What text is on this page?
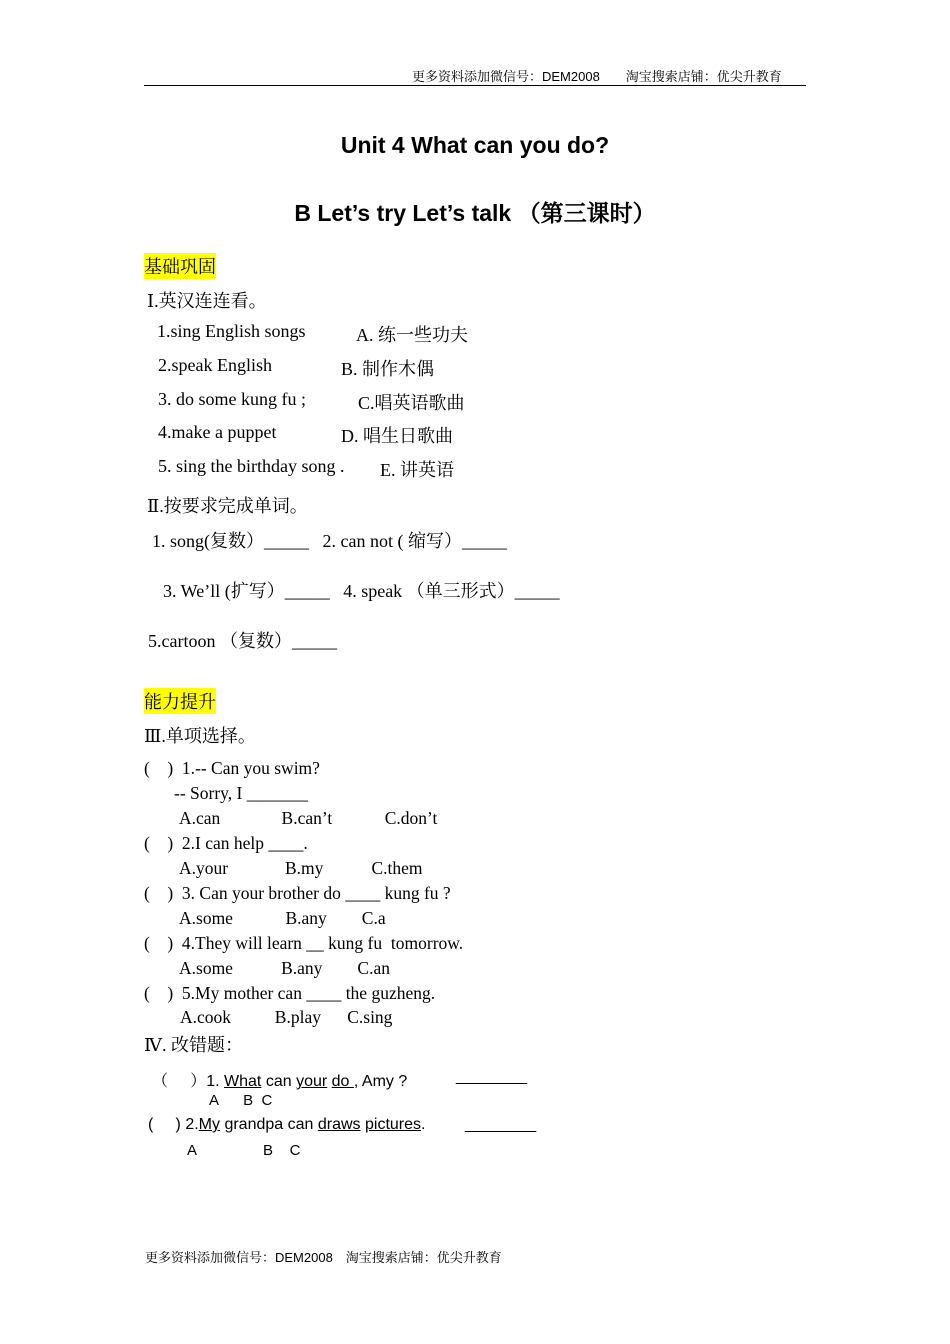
更多资料添加微信号：DEM2008　　淘宝搜索店铺：优尖升教育
Unit 4 What can you do?
B Let’s try Let’s talk （第三课时）
基础巩固
Ⅰ.英汉连连看。
1.sing English songs	A. 练一些功夫
2.speak English	B. 制作木偶
3. do some kung fu ;	C.唱英语歌曲
4.make a puppet	D. 唱生日歌曲
5. sing the birthday song . E. 讲英语
Ⅱ.按要求完成单词。
1. song(复数）_____   2. can not ( 缩写）_____
3. We’ll (扩写）_____   4. speak （单三形式）_____
5.cartoon （复数）_____
能力提升
Ⅲ.单项选择。
(    )  1.-- Can you swim?
-- Sorry, I _______
A.can              B.can’t            C.don’t
(    )  2.I can help ____.
A.your             B.my           C.them
(    )  3. Can your brother do ____ kung fu ?
A.some            B.any        C.a
(    )  4.They will learn __ kung fu  tomorrow.
A.some           B.any        C.an
(    )  5.My mother can ____ the guzheng.
A.cook          B.play      C.sing
Ⅳ. 改错题：
（     ）1. What can your do , Amy ?	________
A      B  C
(     ) 2.My grandpa can draws pictures. ________
A	B    C
更多资料添加微信号：DEM2008　淘宝搜索店铺：优尖升教育
